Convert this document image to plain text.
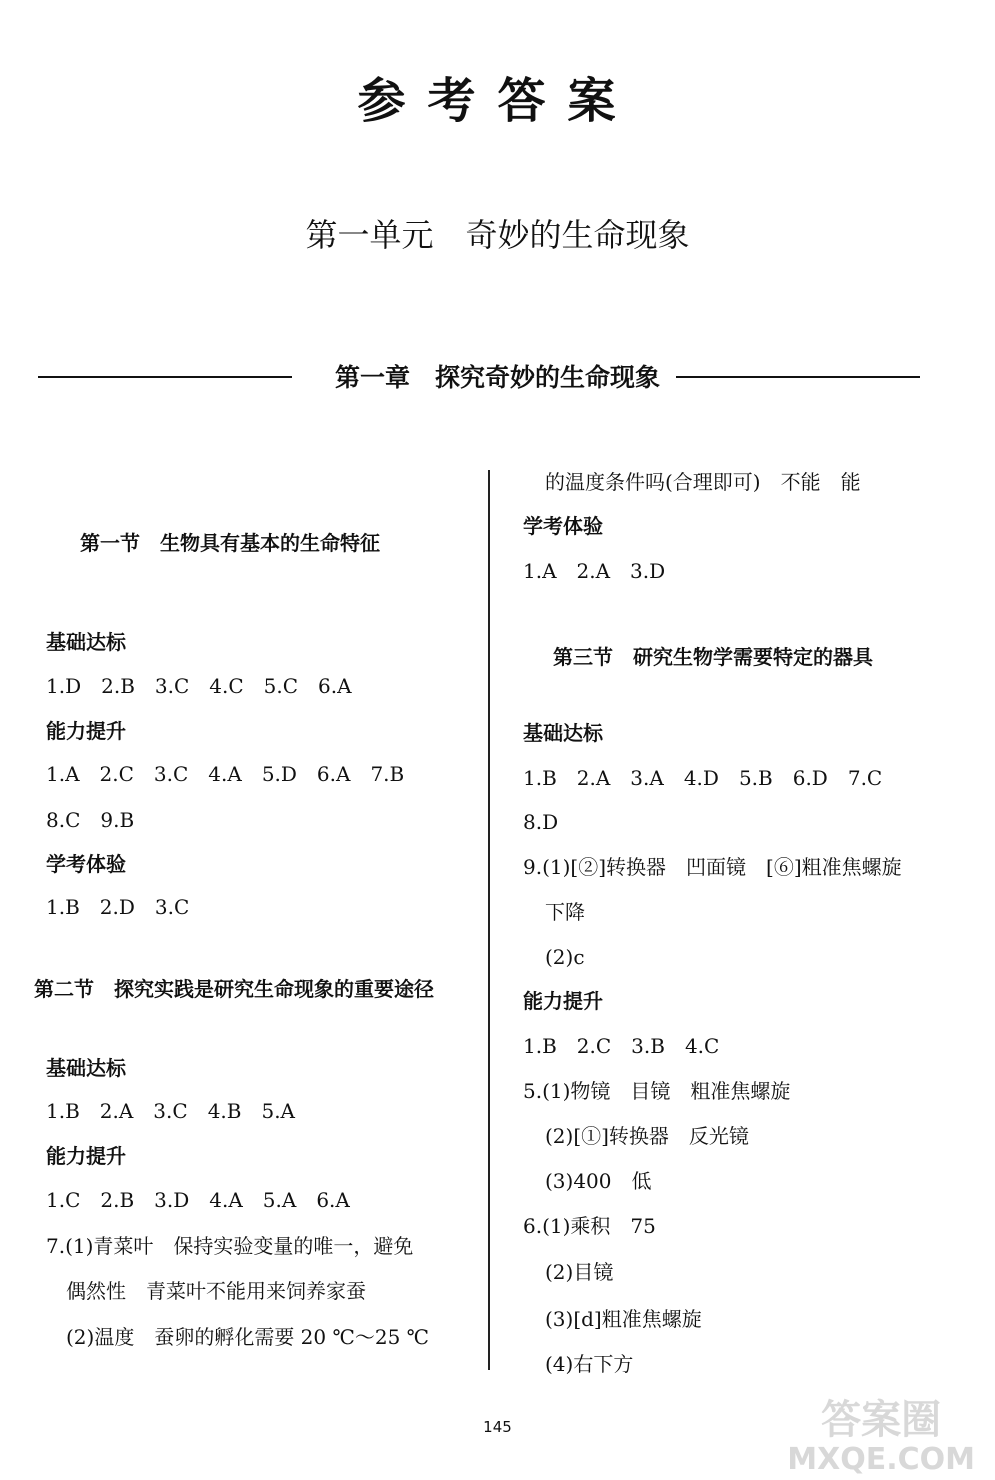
参考答案
第一单元　奇妙的生命现象
第一章　探究奇妙的生命现象
第一节　生物具有基本的生命特征
基础达标
1.D　2.B　3.C　4.C　5.C　6.A
能力提升
1.A　2.C　3.C　4.A　5.D　6.A　7.B
8.C　9.B
学考体验
1.B　2.D　3.C
第二节　探究实践是研究生命现象的重要途径
基础达标
1.B　2.A　3.C　4.B　5.A
能力提升
1.C　2.B　3.D　4.A　5.A　6.A
7.(1)青菜叶　保持实验变量的唯一，避免
偶然性　青菜叶不能用来饲养家蚕
(2)温度　蚕卵的孵化需要 20 ℃～25 ℃
的温度条件吗(合理即可)　不能　能
学考体验
1.A　2.A　3.D
第三节　研究生物学需要特定的器具
基础达标
1.B　2.A　3.A　4.D　5.B　6.D　7.C
8.D
9.(1)[②]转换器　凹面镜　[⑥]粗准焦螺旋
下降
(2)c
能力提升
1.B　2.C　3.B　4.C
5.(1)物镜　目镜　粗准焦螺旋
(2)[①]转换器　反光镜
(3)400　低
6.(1)乘积　75
(2)目镜
(3)[d]粗准焦螺旋
(4)右下方
145	答案圈
MXQE.COM
